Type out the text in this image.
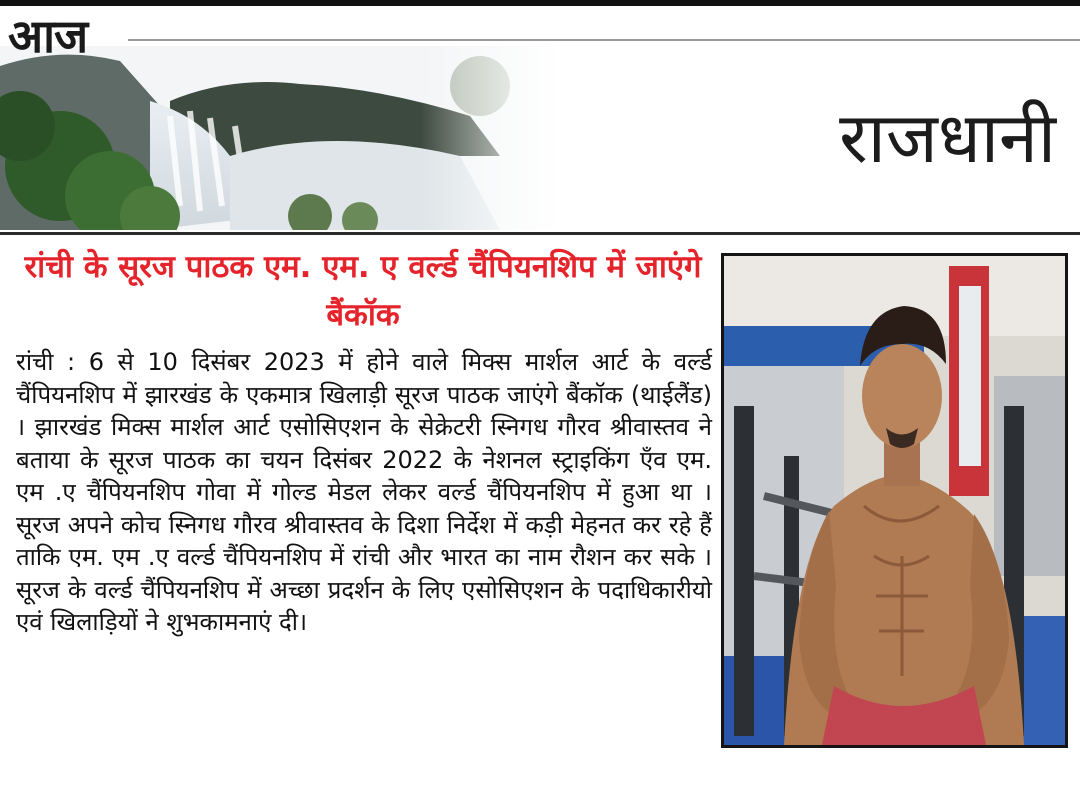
आज
राजधानी
रांची के सूरज पाठक एम. एम. ए वर्ल्ड चैंपियनशिप में जाएंगे बैंकॉक

रांची : 6 से 10 दिसंबर 2023 में होने वाले मिक्स मार्शल आर्ट के वर्ल्ड चैंपियनशिप में झारखंड के एकमात्र खिलाड़ी सूरज पाठक जाएंगे बैंकॉक (थाईलैंड) । झारखंड मिक्स मार्शल आर्ट एसोसिएशन के सेक्रेटरी स्निगध गौरव श्रीवास्तव ने बताया के सूरज पाठक का चयन दिसंबर 2022 के नेशनल स्ट्राइकिंग एँव एम. एम .ए चैंपियनशिप गोवा में गोल्ड मेडल लेकर वर्ल्ड चैंपियनशिप में हुआ था । सूरज अपने कोच स्निगध गौरव श्रीवास्तव के दिशा निर्देश में कड़ी मेहनत कर रहे हैं ताकि एम. एम .ए वर्ल्ड चैंपियनशिप में रांची और भारत का नाम रौशन कर सके । सूरज के वर्ल्ड चैंपियनशिप में अच्छा प्रदर्शन के लिए एसोसिएशन के पदाधिकारीयो एवं खिलाड़ियों ने शुभकामनाएं दी।
